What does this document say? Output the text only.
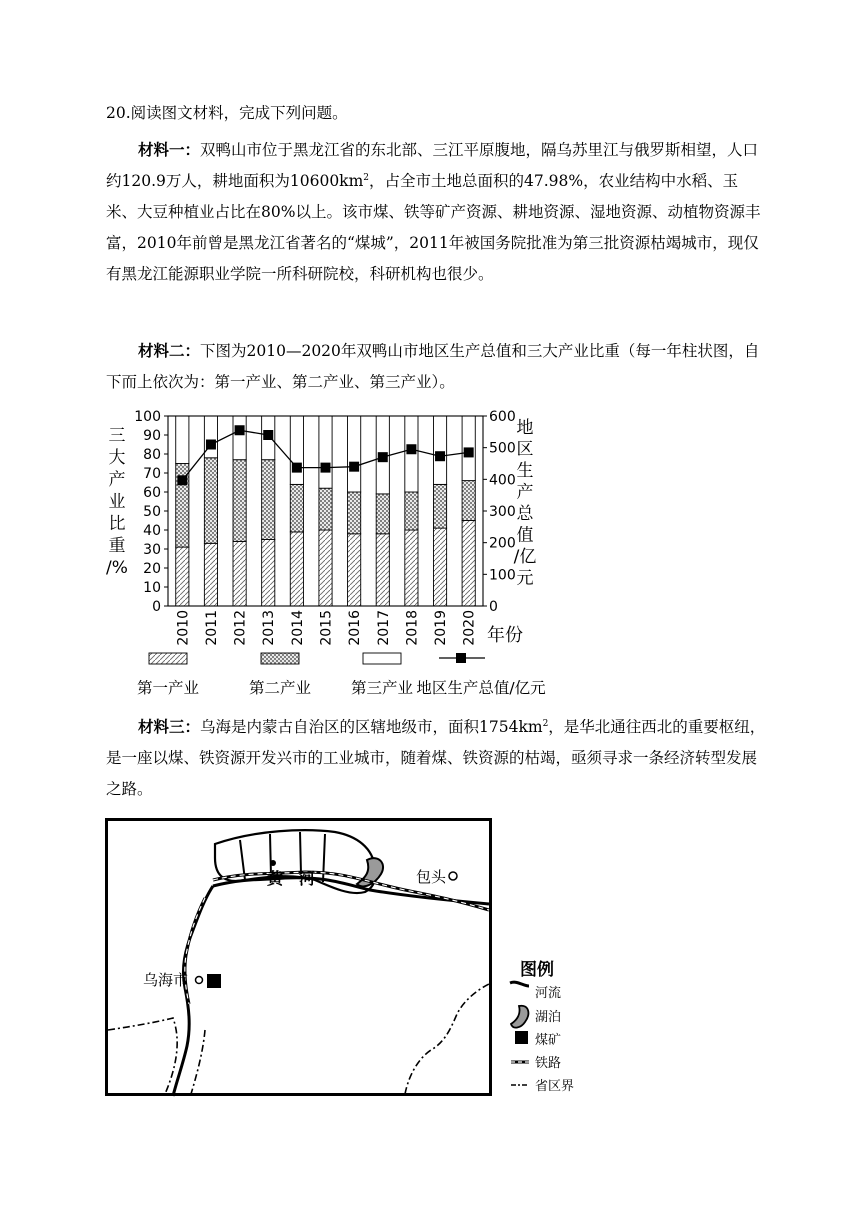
20.阅读图文材料，完成下列问题。

材料一：双鸭山市位于黑龙江省的东北部、三江平原腹地，隔乌苏里江与俄罗斯相望，人口约120.9万人，耕地面积为$10600km^2$，占全市土地总面积的47.98%，农业结构中水稻、玉米、大豆种植业占比在80%以上。该市煤、铁等矿产资源、耕地资源、湿地资源、动植物资源丰富，2010年前曾是黑龙江省著名的“煤城”，2011年被国务院批准为第三批资源枯竭城市，现仅有黑龙江能源职业学院一所科研院校，科研机构也很少。

材料二：下图为2010—2020年双鸭山市地区生产总值和三大产业比重（每一年柱状图，自下而上依次为：第一产业、第二产业、第三产业）。

2010 2011 2012 2013 2014 2015 2016 2017 2018 2019 2020
0
10
20
30
40
50
60
70
80
90
100
0
100
200
300
400
500
600
三
大
产
业
比
重
/%
地
区
生
产
总
值
/亿
元
年份
第一产业	第二产业	第三产业 地区生产总值/亿元

材料三：乌海是内蒙古自治区的区辖地级市，面积$1754km^2$，是华北通往西北的重要枢纽，是一座以煤、铁资源开发兴市的工业城市，随着煤、铁资源的枯竭，亟须寻求一条经济转型发展之路。

包头
黄　河
乌海市	图例
河流
湖泊
煤矿
铁路
省区界
